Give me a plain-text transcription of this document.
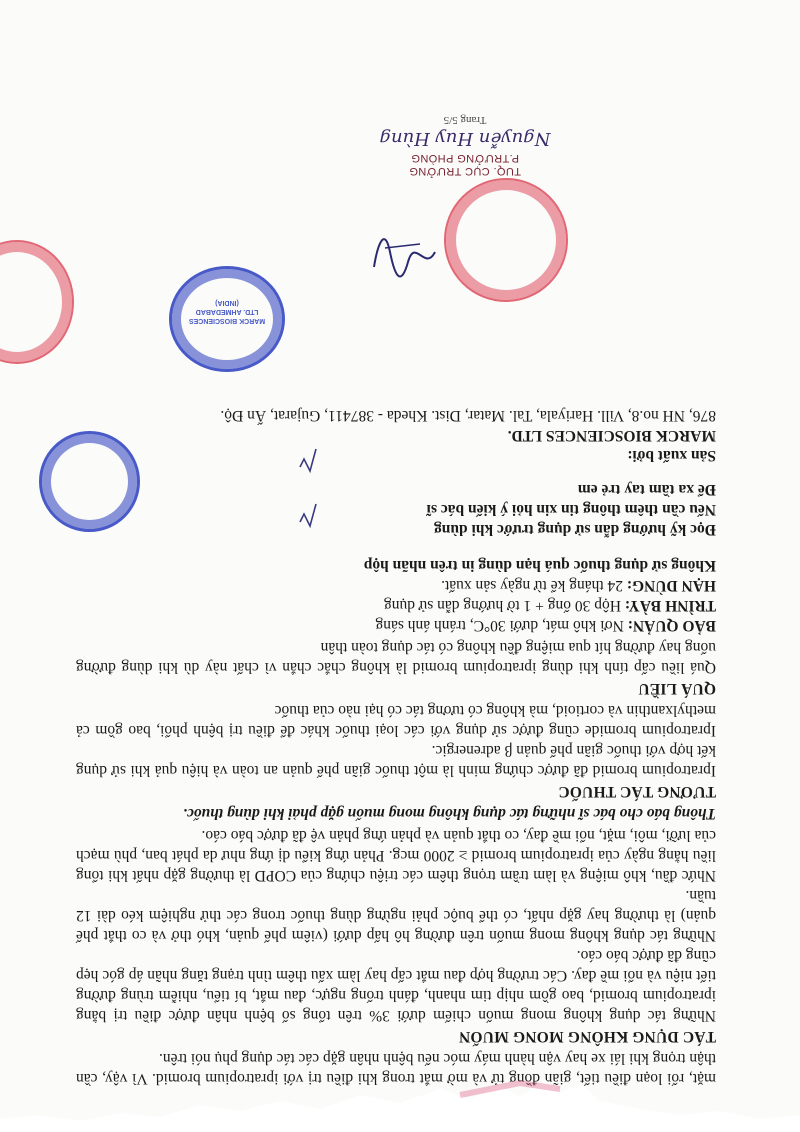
mặt, rối loạn điều tiết, giãn đồng tử và mờ mắt trong khi điều trị với ipratropium bromid. Vì vậy, cần thận trọng khi lái xe hay vận hành máy móc nếu bệnh nhân gặp các tác dụng phụ nói trên.

TÁC DỤNG KHÔNG MONG MUỐN

Những tác dụng không mong muốn chiếm dưới 3% trên tổng số bệnh nhân được điều trị bằng ipratropium bromid, bao gồm nhịp tim nhanh, đánh trống ngực, đau mắt, bí tiểu, nhiễm trùng đường tiết niệu và nổi mề đay. Các trường hợp đau mắt cấp hay làm xấu thêm tình trạng tăng nhãn áp góc hẹp cũng đã được báo cáo.

Những tác dụng không mong muốn trên đường hô hấp dưới (viêm phế quản, khó thở và co thắt phế quản) là thường hay gặp nhất, có thể buộc phải ngừng dùng thuốc trong các thử nghiệm kéo dài 12 tuần.

Nhức đầu, khô miệng và làm trầm trọng thêm các triệu chứng của COPD là thường gặp nhất khi tổng liều hằng ngày của ipratropium bromid ≥ 2000 mcg. Phản ứng kiểu dị ứng như da phát ban, phù mạch của lưỡi, môi, mặt, nổi mề đay, co thắt quản và phản ứng phản vệ đã được báo cáo.

Thông báo cho bác sĩ những tác dụng không mong muốn gặp phải khi dùng thuốc.
TƯƠNG TÁC THUỐC

Ipratropium bromid đã được chứng minh là một thuốc giãn phế quản an toàn và hiệu quả khi sử dụng kết hợp với thuốc giãn phế quản β adrenergic.

Ipratropium bromide cũng được sử dụng với các loại thuốc khác để điều trị bệnh phổi, bao gồm cả methylxanthin và cortioid, mà không có tương tác có hại nào của thuốc

QUÁ LIỀU

Quá liều cấp tính khi dùng ipratropium bromid là không chắc chắn vì chất này dù khi dùng đường uống hay đường hít qua miệng đều không có tác dụng toàn thân

BẢO QUẢN: Nơi khô mát, dưới 30°C, tránh ánh sáng

TRÌNH BÀY: Hộp 30 ống + 1 tờ hướng dẫn sử dụng

HẠN DÙNG: 24 tháng kể từ ngày sản xuất.

Không sử dụng thuốc quá hạn dùng in trên nhãn hộp

Đọc kỹ hướng dẫn sử dụng trước khi dùng

Nếu cần thêm thông tin xin hỏi ý kiến bác sĩ

Để xa tầm tay trẻ em

Sản xuất bởi:

MARCK BIOSCIENCES LTD.

876, NH no.8, Vill. Hariyala, Tal. Matar, Dist. Kheda - 387411, Gujarat, Ấn Độ.

TUQ. CỤC TRƯỞNG
P.TRƯỞNG PHÒNG
Nguyễn Huy Hùng
Trang 5/5
MARCK BIOSCIENCES LTD. AHMEDABAD (INDIA)
